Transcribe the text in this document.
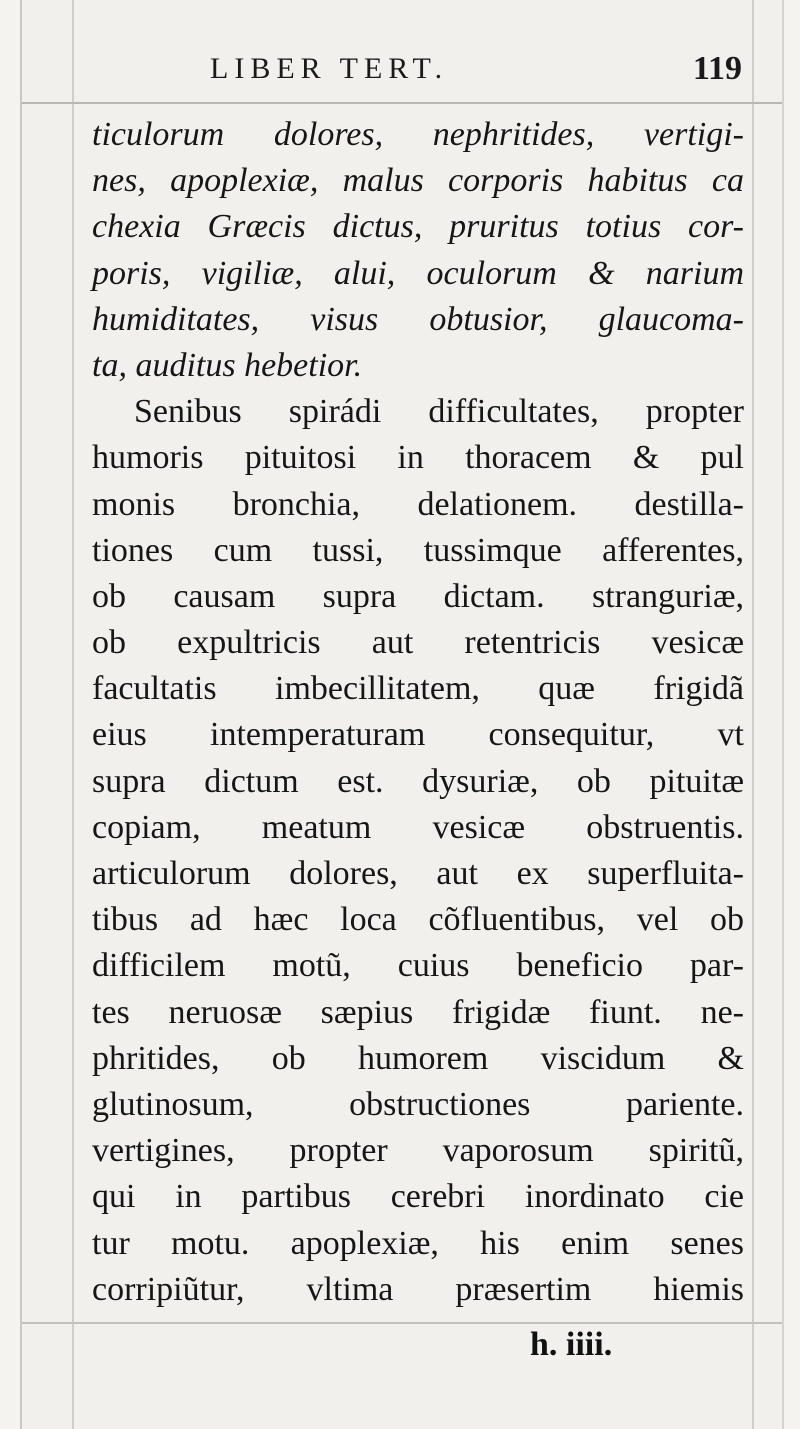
LIBER TERT.	119
ticulorum dolores, nephritides, vertigi-
nes, apoplexiæ, malus corporis habitus ca
chexia Græcis dictus, pruritus totius cor-
poris, vigiliæ, alui, oculorum & narium
humiditates, visus obtusior, glaucoma-
ta, auditus hebetior.
Senibus spirádi difficultates, propter
humoris pituitosi in thoracem & pul
monis bronchia, delationem. destilla-
tiones cum tussi, tussimque afferentes,
ob causam supra dictam. stranguriæ,
ob expultricis aut retentricis vesicæ
facultatis imbecillitatem, quæ frigidã
eius intemperaturam consequitur, vt
supra dictum est. dysuriæ, ob pituitæ
copiam, meatum vesicæ obstruentis.
articulorum dolores, aut ex superfluita-
tibus ad hæc loca cõfluentibus, vel ob
difficilem motũ, cuius beneficio par-
tes neruosæ sæpius frigidæ fiunt. ne-
phritides, ob humorem viscidum &
glutinosum, obstructiones pariente.
vertigines, propter vaporosum spiritũ,
qui in partibus cerebri inordinato cie
tur motu. apoplexiæ, his enim senes
corripiũtur, vltima præsertim hiemis
h. iiii.
